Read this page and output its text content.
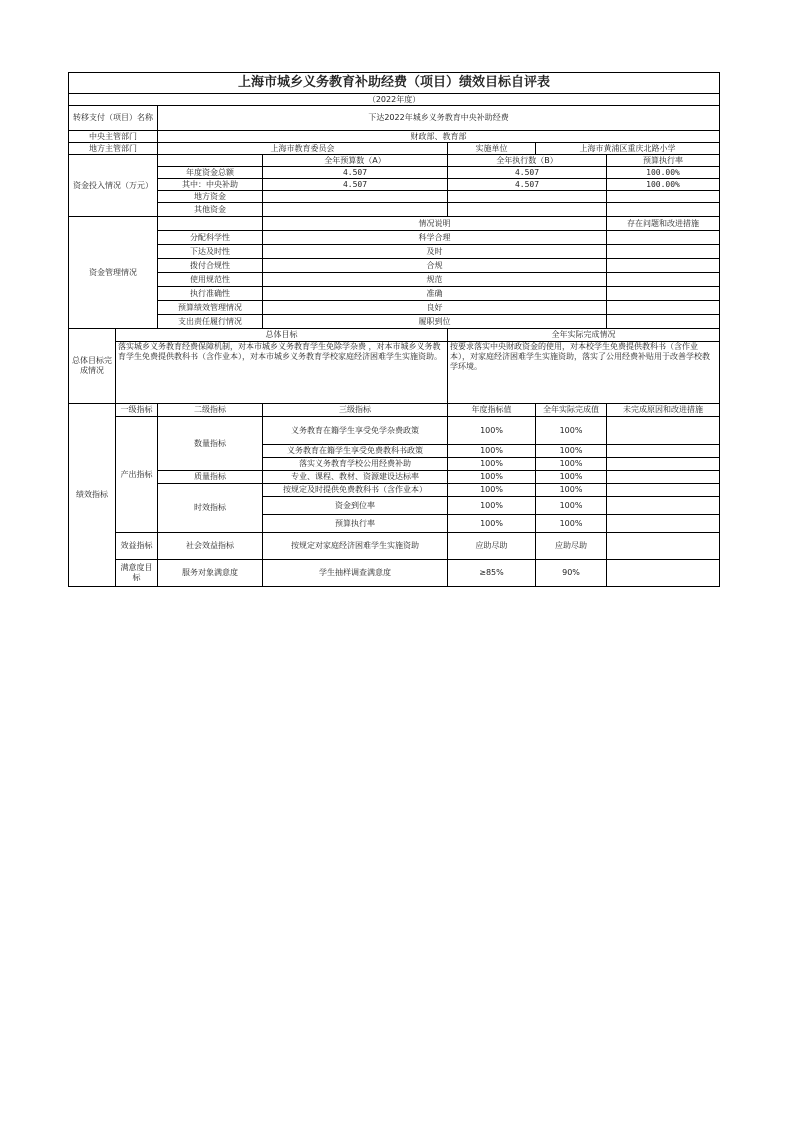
上海市城乡义务教育补助经费（项目）绩效目标自评表						
（2022年度）						
转移支付（项目）名称		下达2022年城乡义务教育中央补助经费				
中央主管部门		财政部、教育部				
地方主管部门		上海市教育委员会		实施单位	上海市黄浦区重庆北路小学	
资金投入情况（万元）			全年预算数（A）	全年执行数（B）		预算执行率
		年度资金总额	4.507	4.507		100.00%
		其中：中央补助	4.507	4.507		100.00%
		地方资金				
		其他资金				
资金管理情况			情况说明			存在问题和改进措施
		分配科学性	科学合理			
		下达及时性	及时			
		拨付合规性	合规			
		使用规范性	规范			
		执行准确性	准确			
		预算绩效管理情况	良好			
		支出责任履行情况	履职到位			
总体目标完成情况	总体目标			全年实际完成情况		
	落实城乡义务教育经费保障机制，对本市城乡义务教育学生免除学杂费 ，对本市城乡义务教育学生免费提供教科书（含作业本），对本市城乡义务教育学校家庭经济困难学生实施资助。			按要求落实中央财政资金的使用，对本校学生免费提供教科书（含作业本），对家庭经济困难学生实施资助，落实了公用经费补贴用于改善学校教学环境。		
绩效指标	一级指标	二级指标	三级指标	年度指标值	全年实际完成值	未完成原因和改进措施
	产出指标	数量指标	义务教育在籍学生享受免学杂费政策	100%	100%	
			义务教育在籍学生享受免费教科书政策	100%	100%	
			落实义务教育学校公用经费补助	100%	100%	
		质量指标	专业、课程、教材、资源建设达标率	100%	100%	
		时效指标	按规定及时提供免费教科书（含作业本）	100%	100%	
			资金到位率	100%	100%	
			预算执行率	100%	100%	
	效益指标	社会效益指标	按规定对家庭经济困难学生实施资助	应助尽助	应助尽助	
	满意度目标	服务对象满意度	学生抽样调查满意度	≥85%	90%	
